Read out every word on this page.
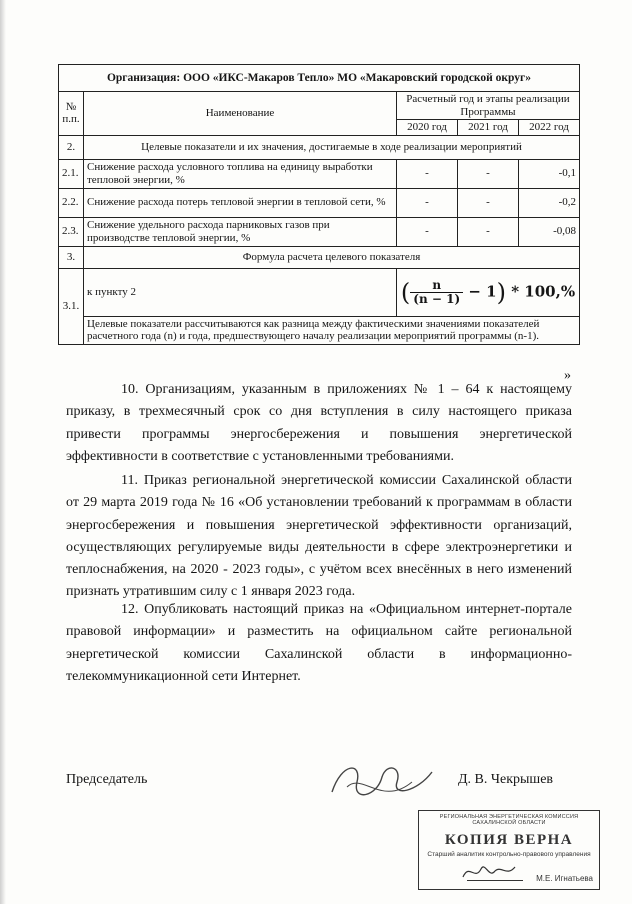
Организация: ООО «ИКС-Макаров Тепло» МО «Макаровский городской округ»				
№ п.п.	Наименование	Расчетный год и этапы реализации Программы		
		2020 год	2021 год	2022 год
2.	Целевые показатели и их значения, достигаемые в ходе реализации мероприятий			
2.1.	Снижение расхода условного топлива на единицу выработки тепловой энергии, %	-	-	-0,1
2.2.	Снижение расхода потерь тепловой энергии в тепловой сети, %	-	-	-0,2
2.3.	Снижение удельного расхода парниковых газов при производстве тепловой энергии, %	-	-	-0,08
3.	Формула расчета целевого показателя			
3.1.	к пункту 2	( $\frac{n}{(n - 1)} - 1) * 100,\%$		
	Целевые показатели рассчитываются как разница между фактическими значениями показателей расчетного года (n) и года, предшествующего началу реализации мероприятий программы (n-1).			
»

10. Организациям, указанным в приложениях № 1 – 64 к настоящему приказу, в трехмесячный срок со дня вступления в силу настоящего приказа привести программы энергосбережения и повышения энергетической эффективности в соответствие с установленными требованиями.

11. Приказ региональной энергетической комиссии Сахалинской области от 29 марта 2019 года № 16 «Об установлении требований к программам в области энергосбережения и повышения энергетической эффективности организаций, осуществляющих регулируемые виды деятельности в сфере электроэнергетики и теплоснабжения, на 2020 - 2023 годы», с учётом всех внесённых в него изменений признать утратившим силу с 1 января 2023 года.

12. Опубликовать настоящий приказ на «Официальном интернет-портале правовой информации» и разместить на официальном сайте региональной энергетической комиссии Сахалинской области в информационно-телекоммуникационной сети Интернет.

Председатель	Д. В. Чекрышев
РЕГИОНАЛЬНАЯ ЭНЕРГЕТИЧЕСКАЯ КОМИССИЯ САХАЛИНСКОЙ ОБЛАСТИ
КОПИЯ ВЕРНА
Старший аналитик контрольно-правового управления
М.Е. Игнатьева
